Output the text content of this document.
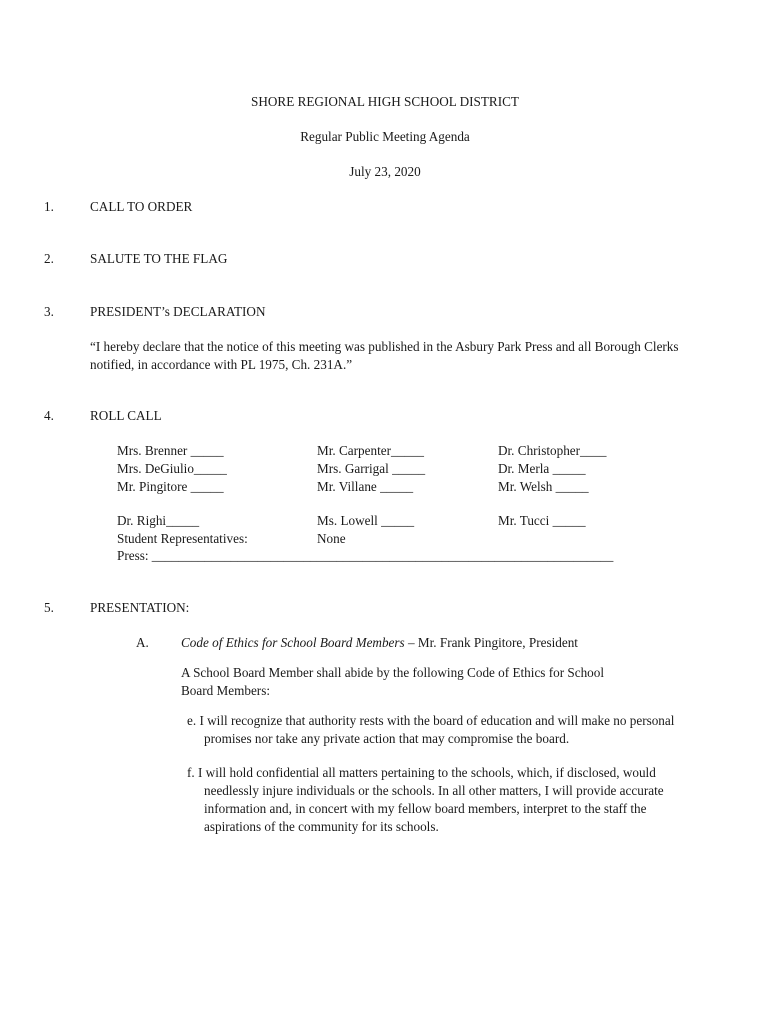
SHORE REGIONAL HIGH SCHOOL DISTRICT
Regular Public Meeting Agenda
July 23, 2020
1.	CALL TO ORDER
2.	SALUTE TO THE FLAG
3.	PRESIDENT’s DECLARATION
“I hereby declare that the notice of this meeting was published in the Asbury Park Press and all Borough Clerks
notified, in accordance with PL 1975, Ch. 231A.”
4.	ROLL CALL
Mrs. Brenner _____	Mr. Carpenter_____	Dr. Christopher____
Mrs. DeGiulio_____	Mrs. Garrigal _____	Dr. Merla _____
Mr. Pingitore _____	Mr. Villane _____	Mr. Welsh _____
Dr. Righi_____	Ms. Lowell _____	Mr. Tucci _____
Student Representatives:	None
Press: ______________________________________________________________________
5.	PRESENTATION:
A. Code of Ethics for School Board Members – Mr. Frank Pingitore, President
A School Board Member shall abide by the following Code of Ethics for School
Board Members:
e. I will recognize that authority rests with the board of education and will make no personal
promises nor take any private action that may compromise the board.
f. I will hold confidential all matters pertaining to the schools, which, if disclosed, would
needlessly injure individuals or the schools. In all other matters, I will provide accurate
information and, in concert with my fellow board members, interpret to the staff the
aspirations of the community for its schools.
